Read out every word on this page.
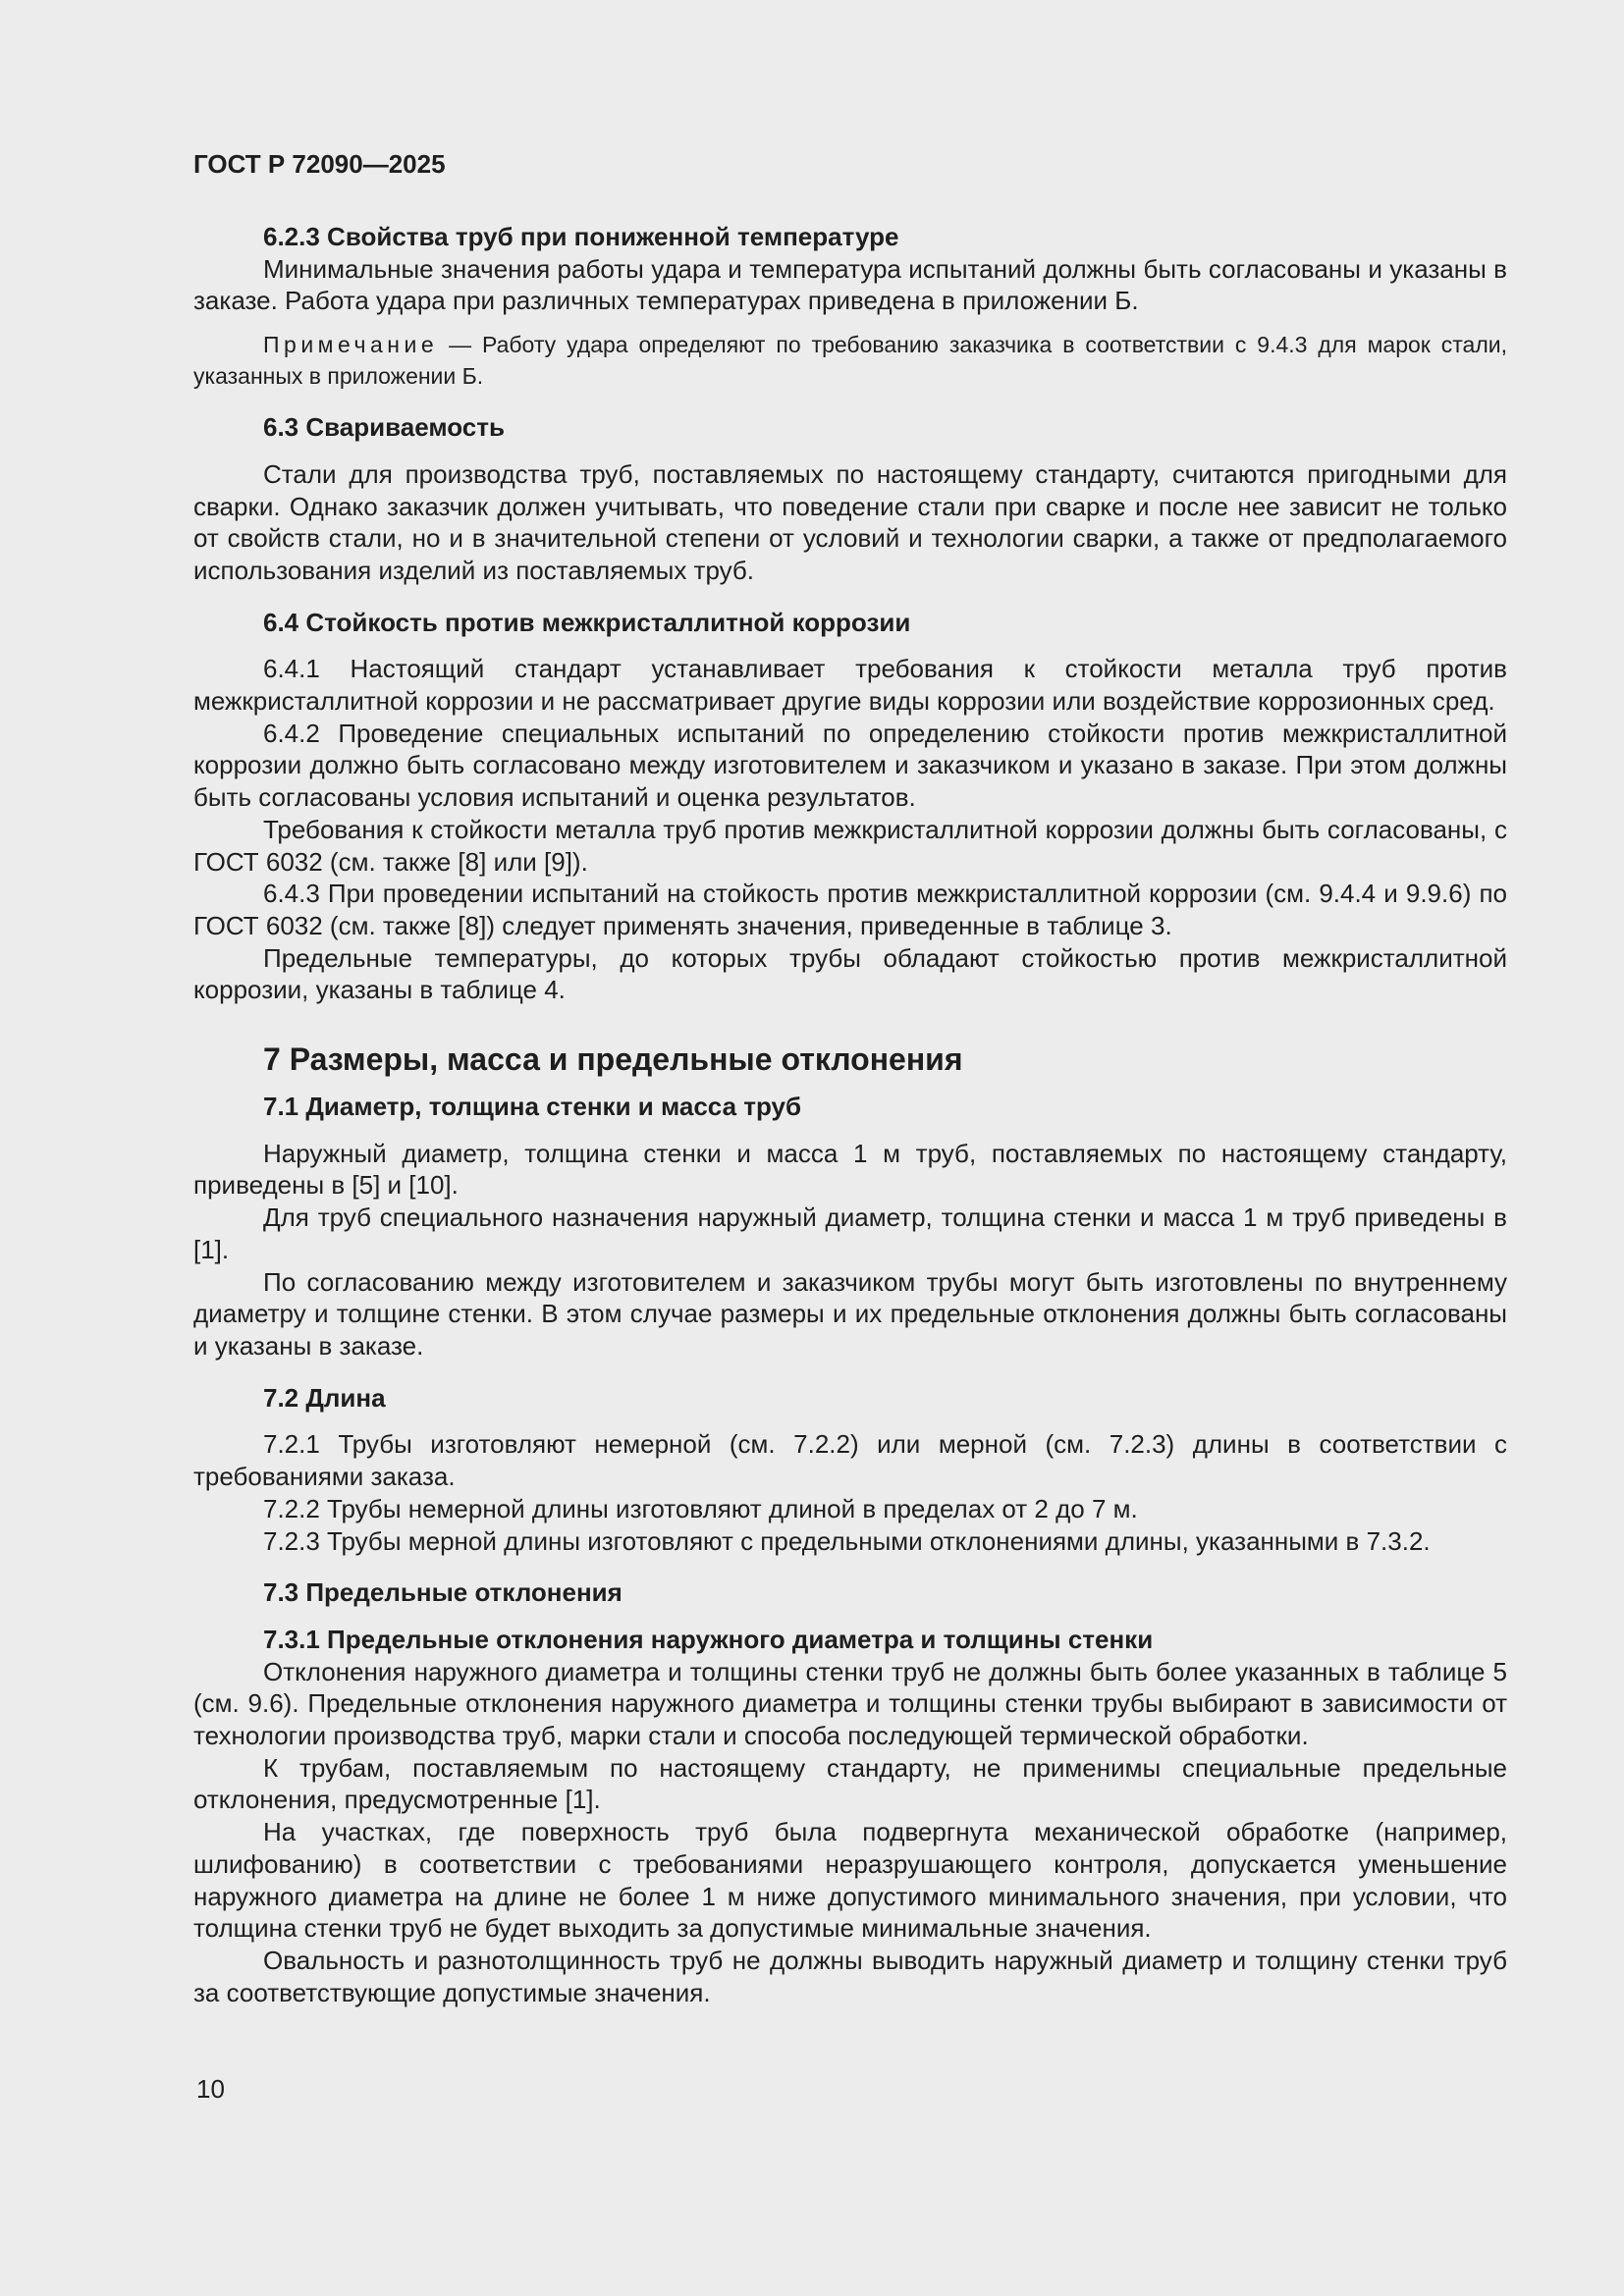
ГОСТ Р 72090—2025

6.2.3 Свойства труб при пониженной температуре

Минимальные значения работы удара и температура испытаний должны быть согласованы и указаны в заказе. Работа удара при различных температурах приведена в приложении Б.

Примечание — Работу удара определяют по требованию заказчика в соответствии с 9.4.3 для марок стали, указанных в приложении Б.

6.3 Свариваемость

Стали для производства труб, поставляемых по настоящему стандарту, считаются пригодными для сварки. Однако заказчик должен учитывать, что поведение стали при сварке и после нее зависит не только от свойств стали, но и в значительной степени от условий и технологии сварки, а также от предполагаемого использования изделий из поставляемых труб.

6.4 Стойкость против межкристаллитной коррозии

6.4.1 Настоящий стандарт устанавливает требования к стойкости металла труб против межкристаллитной коррозии и не рассматривает другие виды коррозии или воздействие коррозионных сред.

6.4.2 Проведение специальных испытаний по определению стойкости против межкристаллитной коррозии должно быть согласовано между изготовителем и заказчиком и указано в заказе. При этом должны быть согласованы условия испытаний и оценка результатов.

Требования к стойкости металла труб против межкристаллитной коррозии должны быть согласованы, с ГОСТ 6032 (см. также [8] или [9]).

6.4.3 При проведении испытаний на стойкость против межкристаллитной коррозии (см. 9.4.4 и 9.9.6) по ГОСТ 6032 (см. также [8]) следует применять значения, приведенные в таблице 3.

Предельные температуры, до которых трубы обладают стойкостью против межкристаллитной коррозии, указаны в таблице 4.

7 Размеры, масса и предельные отклонения

7.1 Диаметр, толщина стенки и масса труб

Наружный диаметр, толщина стенки и масса 1 м труб, поставляемых по настоящему стандарту, приведены в [5] и [10].

Для труб специального назначения наружный диаметр, толщина стенки и масса 1 м труб приведены в [1].

По согласованию между изготовителем и заказчиком трубы могут быть изготовлены по внутреннему диаметру и толщине стенки. В этом случае размеры и их предельные отклонения должны быть согласованы и указаны в заказе.

7.2 Длина

7.2.1 Трубы изготовляют немерной (см. 7.2.2) или мерной (см. 7.2.3) длины в соответствии с требованиями заказа.

7.2.2 Трубы немерной длины изготовляют длиной в пределах от 2 до 7 м.

7.2.3 Трубы мерной длины изготовляют с предельными отклонениями длины, указанными в 7.3.2.

7.3 Предельные отклонения

7.3.1 Предельные отклонения наружного диаметра и толщины стенки

Отклонения наружного диаметра и толщины стенки труб не должны быть более указанных в таблице 5 (см. 9.6). Предельные отклонения наружного диаметра и толщины стенки трубы выбирают в зависимости от технологии производства труб, марки стали и способа последующей термической обработки.

К трубам, поставляемым по настоящему стандарту, не применимы специальные предельные отклонения, предусмотренные [1].

На участках, где поверхность труб была подвергнута механической обработке (например, шлифованию) в соответствии с требованиями неразрушающего контроля, допускается уменьшение наружного диаметра на длине не более 1 м ниже допустимого минимального значения, при условии, что толщина стенки труб не будет выходить за допустимые минимальные значения.

Овальность и разнотолщинность труб не должны выводить наружный диаметр и толщину стенки труб за соответствующие допустимые значения.

10
